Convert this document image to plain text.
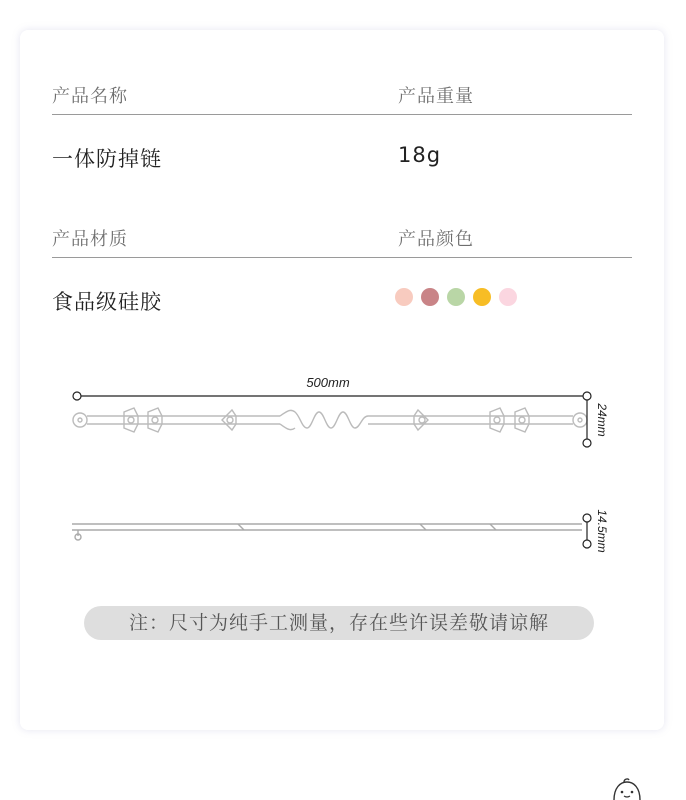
产品名称	产品重量
一体防掉链	18g
产品材质	产品颜色
食品级硅胶
500mm
24mm
14.5mm
注：尺寸为纯手工测量，存在些许误差敬请谅解
